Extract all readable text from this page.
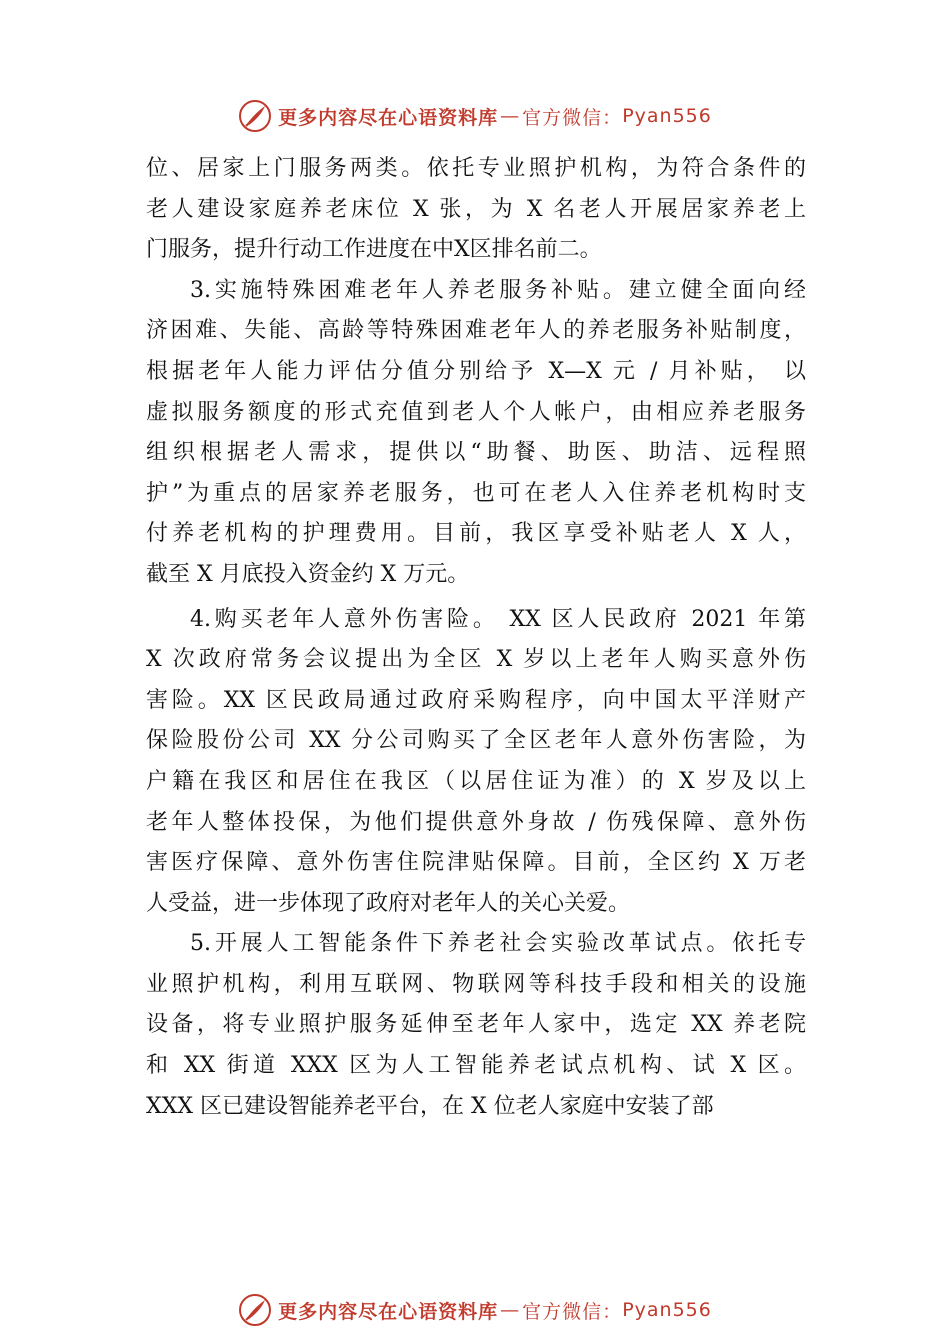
更多内容尽在心语资料库 — 官方微信： Pyan556
位、居家上门服务两类。依托专业照护机构，为符合条件的
老人建设家庭养老床位 X 张，为 X 名老人开展居家养老上
门服务，提升行动工作进度在中X区排名前二。
3.实施特殊困难老年人养老服务补贴。建立健全面向经
济困难、失能、高龄等特殊困难老年人的养老服务补贴制度，
根据老年人能力评估分值分别给予 X—X 元 / 月补贴， 以
虚拟服务额度的形式充值到老人个人帐户，由相应养老服务
组织根据老人需求，提供以“助餐、助医、助洁、远程照
护”为重点的居家养老服务，也可在老人入住养老机构时支
付养老机构的护理费用。目前，我区享受补贴老人 X 人，
截至 X 月底投入资金约 X 万元。
4.购买老年人意外伤害险。 XX 区人民政府 2021 年第
X 次政府常务会议提出为全区 X 岁以上老年人购买意外伤
害险。XX 区民政局通过政府采购程序，向中国太平洋财产
保险股份公司 XX 分公司购买了全区老年人意外伤害险，为
户籍在我区和居住在我区（以居住证为准）的 X 岁及以上
老年人整体投保，为他们提供意外身故 / 伤残保障、意外伤
害医疗保障、意外伤害住院津贴保障。目前，全区约 X 万老
人受益，进一步体现了政府对老年人的关心关爱。
5.开展人工智能条件下养老社会实验改革试点。依托专
业照护机构，利用互联网、物联网等科技手段和相关的设施
设备，将专业照护服务延伸至老年人家中，选定 XX 养老院
和 XX 街道 XXX 区为人工智能养老试点机构、试 X 区。
XXX 区已建设智能养老平台，在 X 位老人家庭中安装了部
更多内容尽在心语资料库 — 官方微信： Pyan556
